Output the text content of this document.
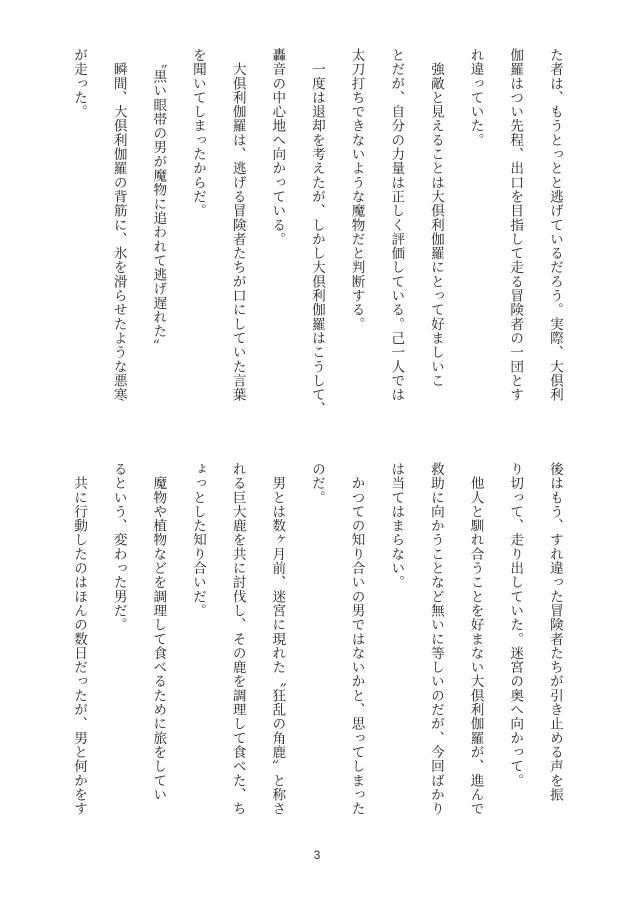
た者は、もうとっとと逃げているだろう。実際、大倶利
伽羅はつい先程、出口を目指して走る冒険者の一団とす
れ違っていた。
　強敵と見えることは大倶利伽羅にとって好ましいこ
とだが、自分の力量は正しく評価している。己一人では
太刀打ちできないような魔物だと判断する。
　一度は退却を考えたが、しかし大倶利伽羅はこうして、
轟音の中心地へ向かっている。
　大倶利伽羅は、逃げる冒険者たちが口にしていた言葉
を聞いてしまったからだ。
　〝黒い眼帯の男が魔物に追われて逃げ遅れた〟
　瞬間、大倶利伽羅の背筋に、氷を滑らせたような悪寒
が走った。
後はもう、すれ違った冒険者たちが引き止める声を振
り切って、走り出していた。迷宮の奥へ向かって。
　他人と馴れ合うことを好まない大倶利伽羅が、進んで
救助に向かうことなど無いに等しいのだが、今回ばかり
は当てはまらない。
　かつての知り合いの男ではないかと、思ってしまった
のだ。
　男とは数ヶ月前、迷宮に現れた〝狂乱の角鹿〟と称さ
れる巨大鹿を共に討伐し、その鹿を調理して食べた、ち
ょっとした知り合いだ。
　魔物や植物などを調理して食べるために旅をしてい
るという、変わった男だ。
　共に行動したのはほんの数日だったが、男と何かをす
3
